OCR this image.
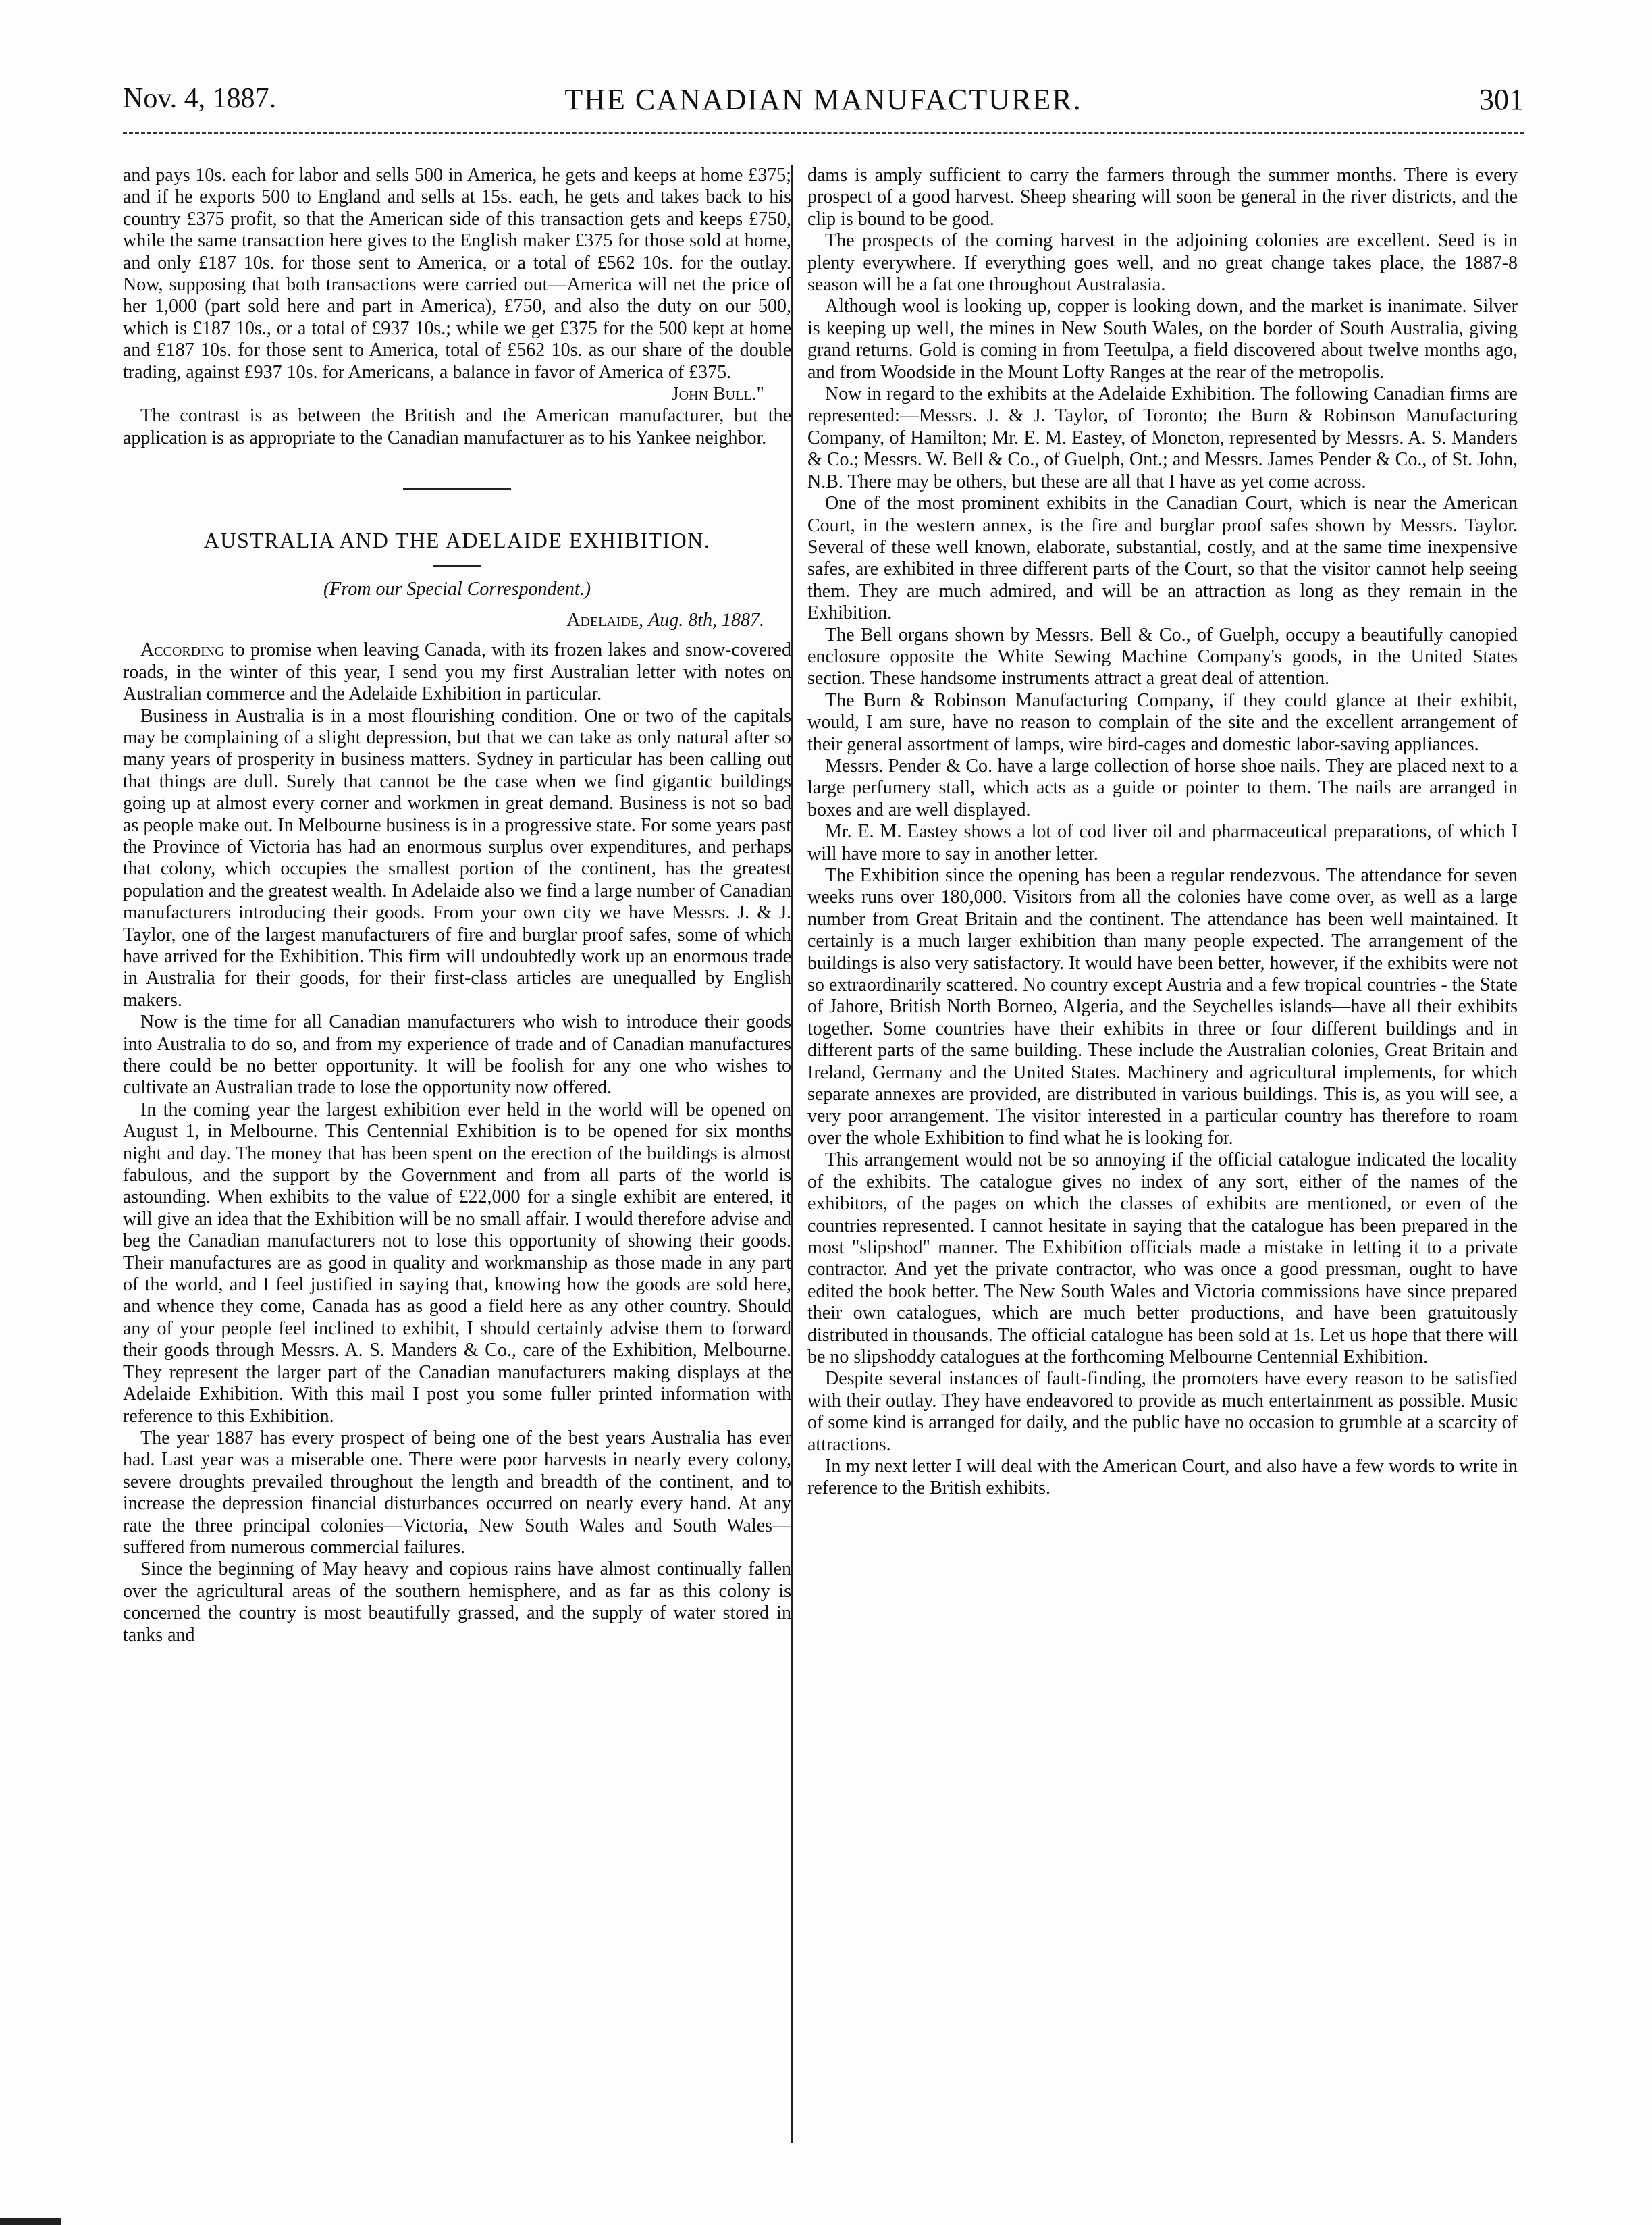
Nov. 4, 1887.	THE CANADIAN MANUFACTURER.	301

and pays 10s. each for labor and sells 500 in America, he gets and keeps at home £375; and if he exports 500 to England and sells at 15s. each, he gets and takes back to his country £375 profit, so that the American side of this transaction gets and keeps £750, while the same transaction here gives to the English maker £375 for those sold at home, and only £187 10s. for those sent to America, or a total of £562 10s. for the outlay. Now, supposing that both transactions were carried out—America will net the price of her 1,000 (part sold here and part in America), £750, and also the duty on our 500, which is £187 10s., or a total of £937 10s.; while we get £375 for the 500 kept at home and £187 10s. for those sent to America, total of £562 10s. as our share of the double trading, against £937 10s. for Americans, a balance in favor of America of £375.

John Bull."

The contrast is as between the British and the American manufacturer, but the application is as appropriate to the Canadian manufacturer as to his Yankee neighbor.

AUSTRALIA AND THE ADELAIDE EXHIBITION.
(From our Special Correspondent.)
Adelaide, Aug. 8th, 1887.

According to promise when leaving Canada, with its frozen lakes and snow-covered roads, in the winter of this year, I send you my first Australian letter with notes on Australian commerce and the Adelaide Exhibition in particular.

Business in Australia is in a most flourishing condition. One or two of the capitals may be complaining of a slight depression, but that we can take as only natural after so many years of prosperity in business matters. Sydney in particular has been calling out that things are dull. Surely that cannot be the case when we find gigantic buildings going up at almost every corner and workmen in great demand. Business is not so bad as people make out. In Melbourne business is in a progressive state. For some years past the Province of Victoria has had an enormous surplus over expenditures, and perhaps that colony, which occupies the smallest portion of the continent, has the greatest population and the greatest wealth. In Adelaide also we find a large number of Canadian manufacturers introducing their goods. From your own city we have Messrs. J. & J. Taylor, one of the largest manufacturers of fire and burglar proof safes, some of which have arrived for the Exhibition. This firm will undoubtedly work up an enormous trade in Australia for their goods, for their first-class articles are unequalled by English makers.

Now is the time for all Canadian manufacturers who wish to introduce their goods into Australia to do so, and from my experience of trade and of Canadian manufactures there could be no better opportunity. It will be foolish for any one who wishes to cultivate an Australian trade to lose the opportunity now offered.

In the coming year the largest exhibition ever held in the world will be opened on August 1, in Melbourne. This Centennial Exhibition is to be opened for six months night and day. The money that has been spent on the erection of the buildings is almost fabulous, and the support by the Government and from all parts of the world is astounding. When exhibits to the value of £22,000 for a single exhibit are entered, it will give an idea that the Exhibition will be no small affair. I would therefore advise and beg the Canadian manufacturers not to lose this opportunity of showing their goods. Their manufactures are as good in quality and workmanship as those made in any part of the world, and I feel justified in saying that, knowing how the goods are sold here, and whence they come, Canada has as good a field here as any other country. Should any of your people feel inclined to exhibit, I should certainly advise them to forward their goods through Messrs. A. S. Manders & Co., care of the Exhibition, Melbourne. They represent the larger part of the Canadian manufacturers making displays at the Adelaide Exhibition. With this mail I post you some fuller printed information with reference to this Exhibition.

The year 1887 has every prospect of being one of the best years Australia has ever had. Last year was a miserable one. There were poor harvests in nearly every colony, severe droughts prevailed throughout the length and breadth of the continent, and to increase the depression financial disturbances occurred on nearly every hand. At any rate the three principal colonies—Victoria, New South Wales and South Wales—suffered from numerous commercial failures.

Since the beginning of May heavy and copious rains have almost continually fallen over the agricultural areas of the southern hemisphere, and as far as this colony is concerned the country is most beautifully grassed, and the supply of water stored in tanks and

dams is amply sufficient to carry the farmers through the summer months. There is every prospect of a good harvest. Sheep shearing will soon be general in the river districts, and the clip is bound to be good.

The prospects of the coming harvest in the adjoining colonies are excellent. Seed is in plenty everywhere. If everything goes well, and no great change takes place, the 1887-8 season will be a fat one throughout Australasia.

Although wool is looking up, copper is looking down, and the market is inanimate. Silver is keeping up well, the mines in New South Wales, on the border of South Australia, giving grand returns. Gold is coming in from Teetulpa, a field discovered about twelve months ago, and from Woodside in the Mount Lofty Ranges at the rear of the metropolis.

Now in regard to the exhibits at the Adelaide Exhibition. The following Canadian firms are represented:—Messrs. J. & J. Taylor, of Toronto; the Burn & Robinson Manufacturing Company, of Hamilton; Mr. E. M. Eastey, of Moncton, represented by Messrs. A. S. Manders & Co.; Messrs. W. Bell & Co., of Guelph, Ont.; and Messrs. James Pender & Co., of St. John, N.B. There may be others, but these are all that I have as yet come across.

One of the most prominent exhibits in the Canadian Court, which is near the American Court, in the western annex, is the fire and burglar proof safes shown by Messrs. Taylor. Several of these well known, elaborate, substantial, costly, and at the same time inexpensive safes, are exhibited in three different parts of the Court, so that the visitor cannot help seeing them. They are much admired, and will be an attraction as long as they remain in the Exhibition.

The Bell organs shown by Messrs. Bell & Co., of Guelph, occupy a beautifully canopied enclosure opposite the White Sewing Machine Company's goods, in the United States section. These handsome instruments attract a great deal of attention.

The Burn & Robinson Manufacturing Company, if they could glance at their exhibit, would, I am sure, have no reason to complain of the site and the excellent arrangement of their general assortment of lamps, wire bird-cages and domestic labor-saving appliances.

Messrs. Pender & Co. have a large collection of horse shoe nails. They are placed next to a large perfumery stall, which acts as a guide or pointer to them. The nails are arranged in boxes and are well displayed.

Mr. E. M. Eastey shows a lot of cod liver oil and pharmaceutical preparations, of which I will have more to say in another letter.

The Exhibition since the opening has been a regular rendezvous. The attendance for seven weeks runs over 180,000. Visitors from all the colonies have come over, as well as a large number from Great Britain and the continent. The attendance has been well maintained. It certainly is a much larger exhibition than many people expected. The arrangement of the buildings is also very satisfactory. It would have been better, however, if the exhibits were not so extraordinarily scattered. No country except Austria and a few tropical countries - the State of Jahore, British North Borneo, Algeria, and the Seychelles islands—have all their exhibits together. Some countries have their exhibits in three or four different buildings and in different parts of the same building. These include the Australian colonies, Great Britain and Ireland, Germany and the United States. Machinery and agricultural implements, for which separate annexes are provided, are distributed in various buildings. This is, as you will see, a very poor arrangement. The visitor interested in a particular country has therefore to roam over the whole Exhibition to find what he is looking for.

This arrangement would not be so annoying if the official catalogue indicated the locality of the exhibits. The catalogue gives no index of any sort, either of the names of the exhibitors, of the pages on which the classes of exhibits are mentioned, or even of the countries represented. I cannot hesitate in saying that the catalogue has been prepared in the most "slipshod" manner. The Exhibition officials made a mistake in letting it to a private contractor. And yet the private contractor, who was once a good pressman, ought to have edited the book better. The New South Wales and Victoria commissions have since prepared their own catalogues, which are much better productions, and have been gratuitously distributed in thousands. The official catalogue has been sold at 1s. Let us hope that there will be no slipshoddy catalogues at the forthcoming Melbourne Centennial Exhibition.

Despite several instances of fault-finding, the promoters have every reason to be satisfied with their outlay. They have endeavored to provide as much entertainment as possible. Music of some kind is arranged for daily, and the public have no occasion to grumble at a scarcity of attractions.

In my next letter I will deal with the American Court, and also have a few words to write in reference to the British exhibits.
